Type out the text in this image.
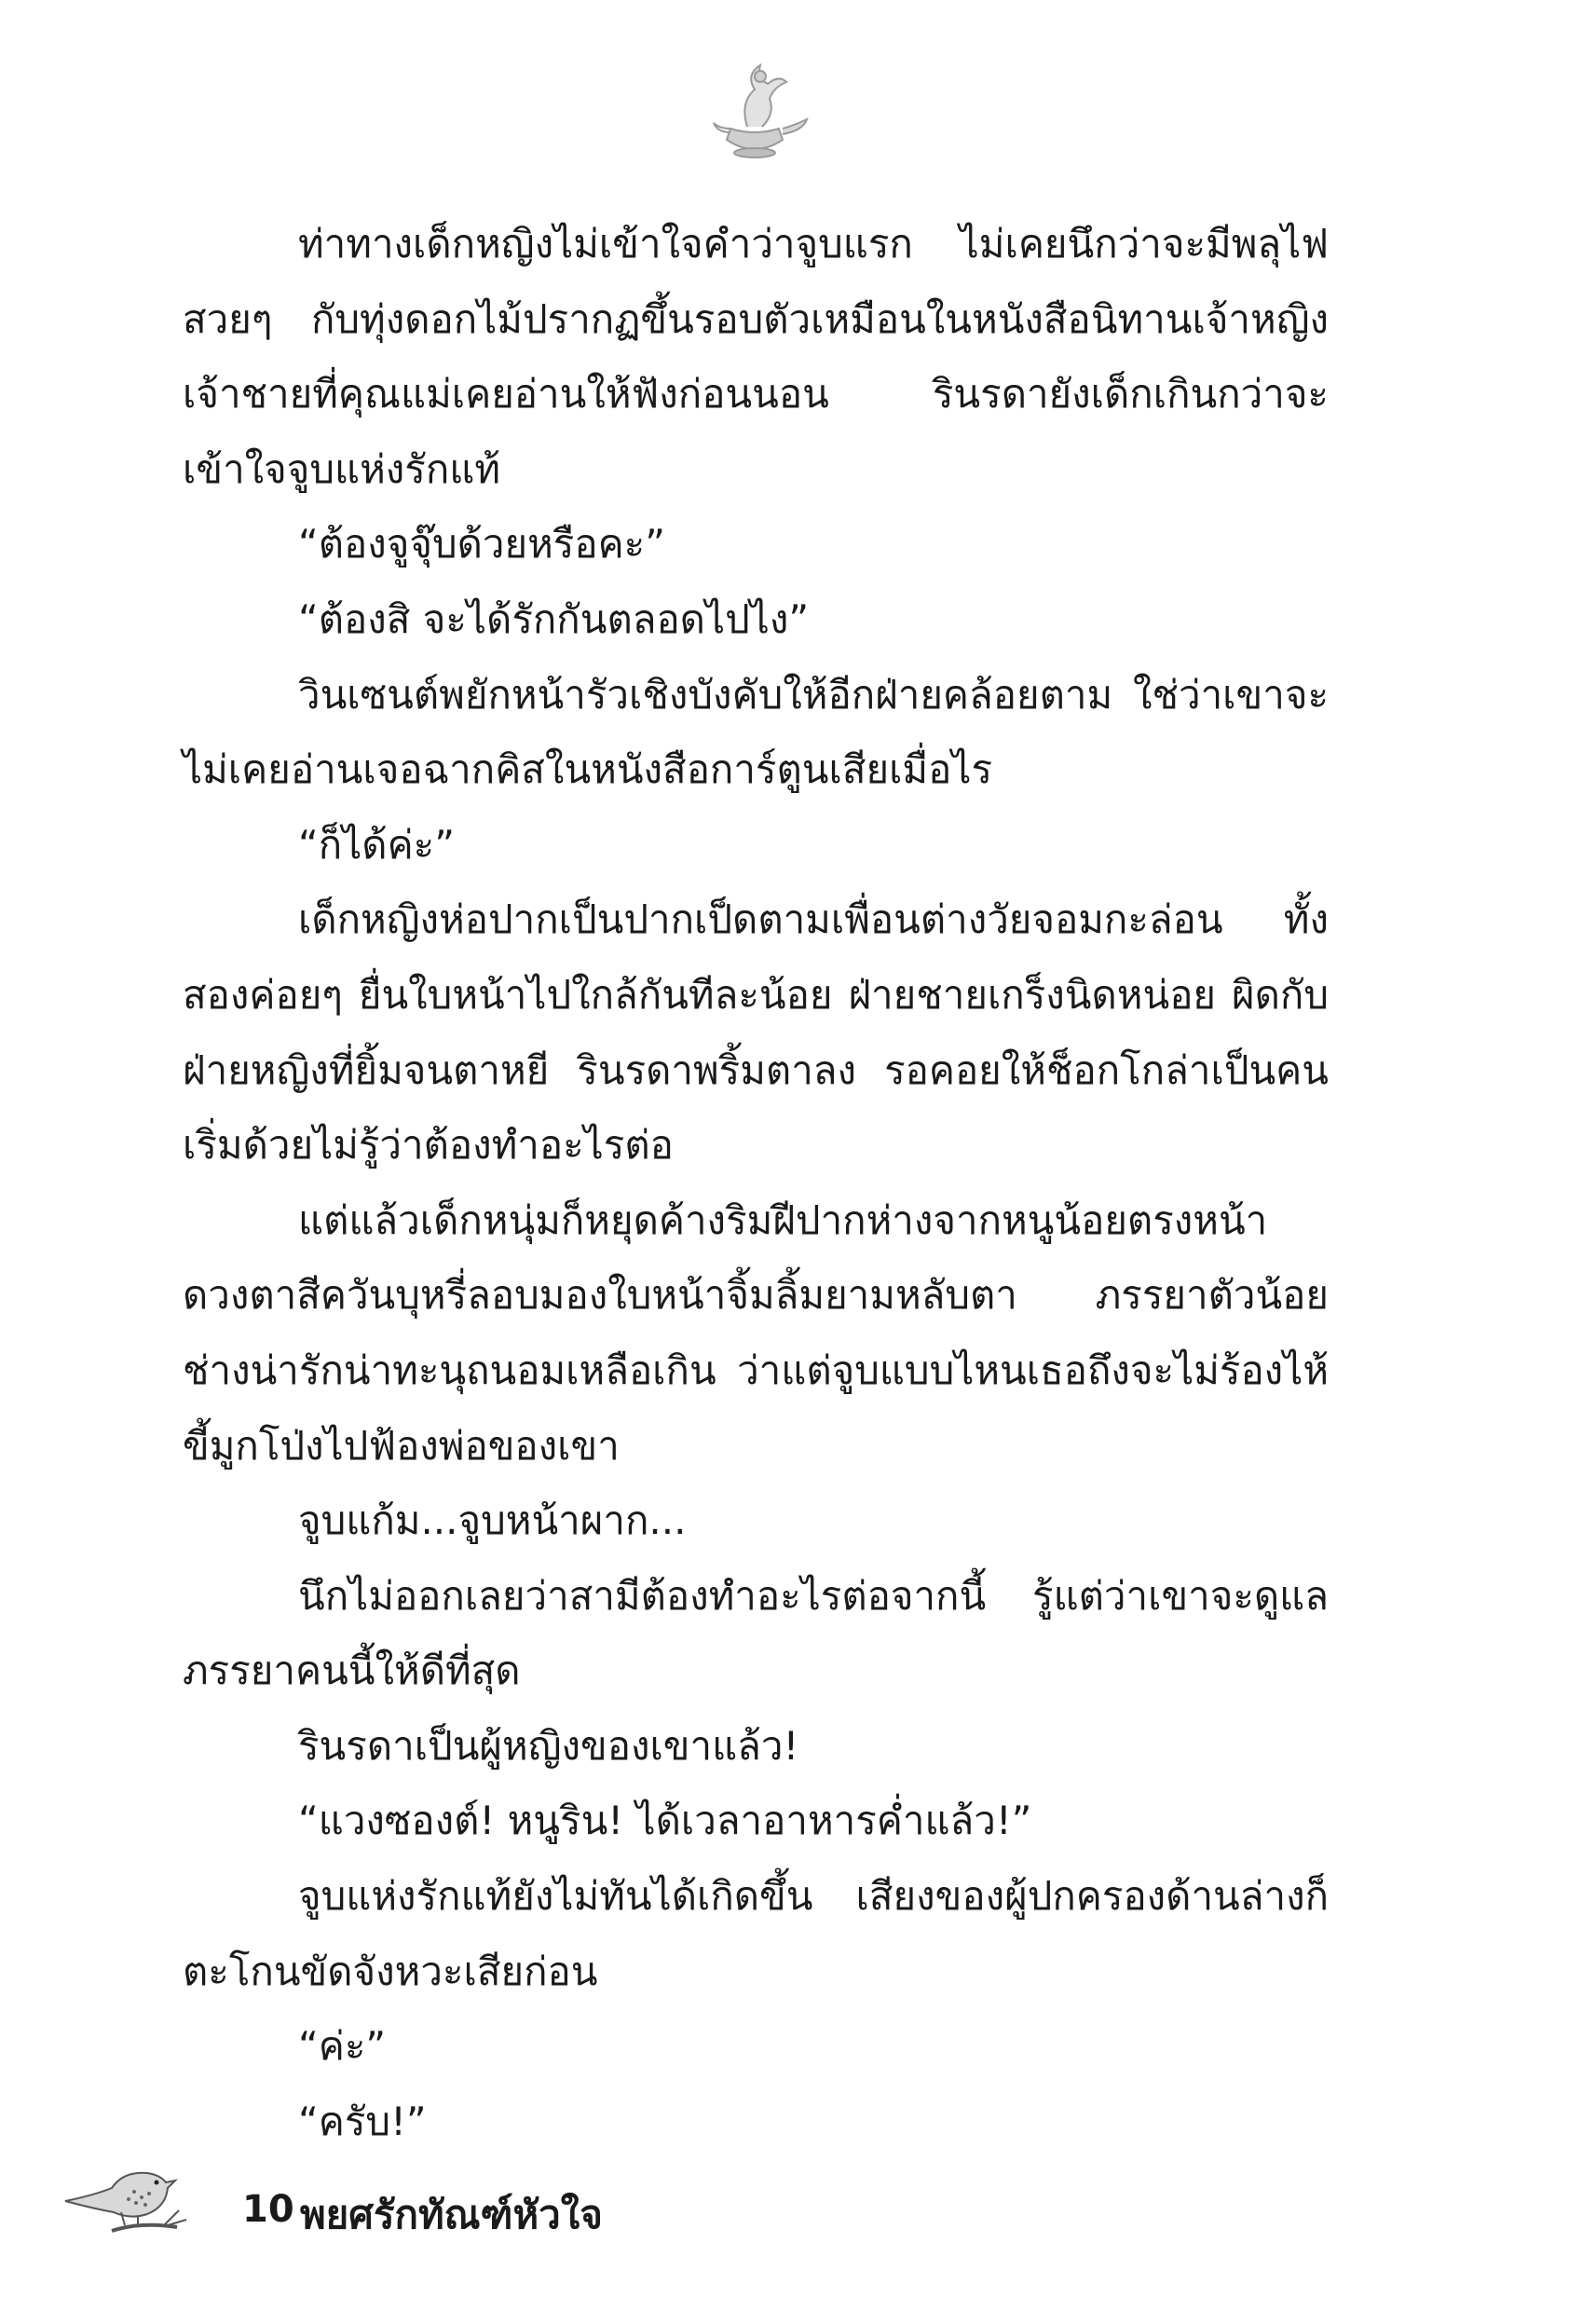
ท่าทางเด็กหญิงไม่เข้าใจคำว่าจูบแรก ไม่เคยนึกว่าจะมีพลุไฟสวยๆ กับทุ่งดอกไม้ปรากฏขึ้นรอบตัวเหมือนในหนังสือนิทานเจ้าหญิงเจ้าชายที่คุณแม่เคยอ่านให้ฟังก่อนนอน รินรดายังเด็กเกินกว่าจะเข้าใจจูบแห่งรักแท้

“ต้องจูจุ๊บด้วยหรือคะ”

“ต้องสิ จะได้รักกันตลอดไปไง”

วินเซนต์พยักหน้ารัวเชิงบังคับให้อีกฝ่ายคล้อยตาม ใช่ว่าเขาจะไม่เคยอ่านเจอฉากคิสในหนังสือการ์ตูนเสียเมื่อไร

“ก็ได้ค่ะ”

เด็กหญิงห่อปากเป็นปากเป็ดตามเพื่อนต่างวัยจอมกะล่อน ทั้งสองค่อยๆ ยื่นใบหน้าไปใกล้กันทีละน้อย ฝ่ายชายเกร็งนิดหน่อย ผิดกับฝ่ายหญิงที่ยิ้มจนตาหยี รินรดาพริ้มตาลง รอคอยให้ช็อกโกล่าเป็นคนเริ่มด้วยไม่รู้ว่าต้องทำอะไรต่อ

แต่แล้วเด็กหนุ่มก็หยุดค้างริมฝีปากห่างจากหนูน้อยตรงหน้า ดวงตาสีควันบุหรี่ลอบมองใบหน้าจิ้มลิ้มยามหลับตา ภรรยาตัวน้อยช่างน่ารักน่าทะนุถนอมเหลือเกิน ว่าแต่จูบแบบไหนเธอถึงจะไม่ร้องไห้ขี้มูกโป่งไปฟ้องพ่อของเขา

จูบแก้ม...จูบหน้าผาก...

นึกไม่ออกเลยว่าสามีต้องทำอะไรต่อจากนี้ รู้แต่ว่าเขาจะดูแลภรรยาคนนี้ให้ดีที่สุด

รินรดาเป็นผู้หญิงของเขาแล้ว!

“แวงซองต์! หนูริน! ได้เวลาอาหารค่ำแล้ว!”

จูบแห่งรักแท้ยังไม่ทันได้เกิดขึ้น เสียงของผู้ปกครองด้านล่างก็ตะโกนขัดจังหวะเสียก่อน

“ค่ะ”

“ครับ!”

10 พยศรักทัณฑ์หัวใจ
